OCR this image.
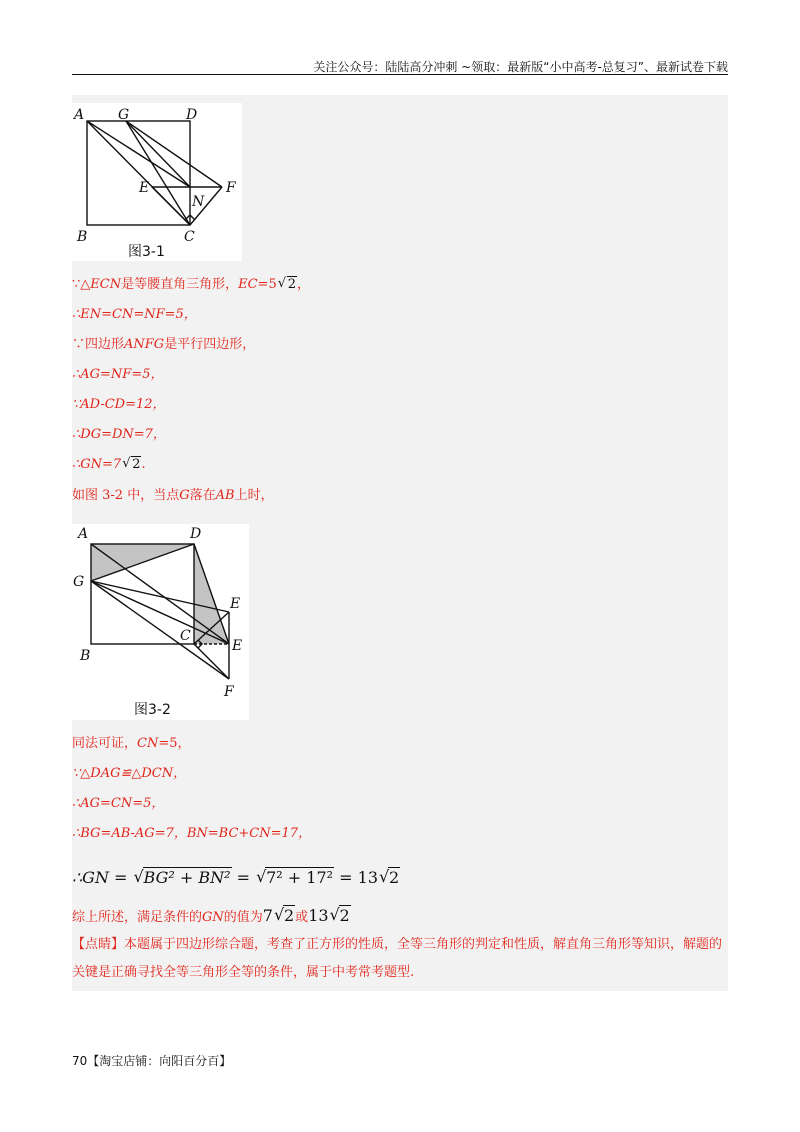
关注公众号：陆陆高分冲刺 ~领取：最新版“小中高考-总复习”、最新试卷下载
A G	D
E
N
F
B	C
图3-1
∵△ECN是等腰直角三角形，EC=5 √ 2，
∴EN=CN=NF=5，
∵四边形ANFG是平行四边形，
∴AG=NF=5，
∵AD-CD=12，
∴DG=DN=7，
∴GN=7 √ 2.
如图 3-2 中，当点G落在AB上时，
A	D
G
E
C
E
B
F
图3-2
同法可证，CN=5，
∵△DAG≌△DCN，
∴AG=CN=5，
∴BG=AB-AG=7，BN=BC+CN=17，
∴GN = √ BG² + BN² = √ 7² + 17² = 13 √ 2
综上所述，满足条件的GN的值为7 √ 2或13 √ 2
【点睛】本题属于四边形综合题，考查了正方形的性质，全等三角形的判定和性质，解直角三角形等知识，解题的关键是正确寻找全等三角形全等的条件，属于中考常考题型.
70【淘宝店铺：向阳百分百】
